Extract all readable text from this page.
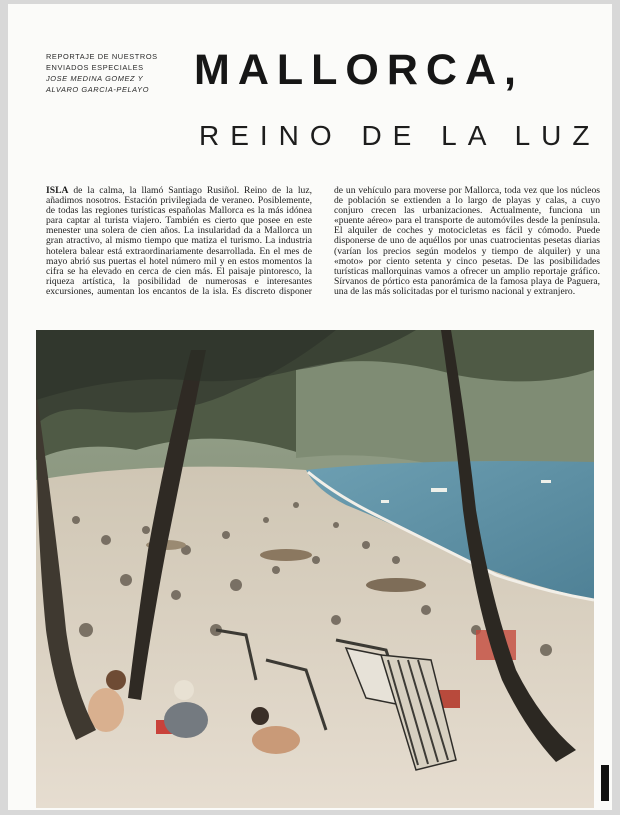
REPORTAJE DE NUESTROS
ENVIADOS ESPECIALES
JOSE MEDINA GOMEZ Y
ALVARO GARCIA-PELAYO MALLORCA,
REINO DE LA LUZ
ISLA de la calma, la llamó Santiago Rusiñol. Reino de la luz, añadimos nosotros. Estación privilegiada de veraneo. Posiblemente, de todas las regiones turísticas españolas Mallorca es la más idónea para captar al turista viajero. También es cierto que posee en este menester una solera de cien años. La insularidad da a Mallorca un gran atractivo, al mismo tiempo que matiza el turismo. La industria hotelera balear está extraordinariamente desarrollada. En el mes de mayo abrió sus puertas el hotel número mil y en estos momentos la cifra se ha elevado en cerca de cien más. El paisaje pintoresco, la riqueza artística, la posibilidad de numerosas e interesantes excursiones, aumentan los encantos de la isla. Es discreto disponer de un vehículo para moverse por Mallorca, toda vez que los núcleos de población se extienden a lo largo de playas y calas, a cuyo conjuro crecen las urbanizaciones. Actualmente, funciona un «puente aéreo» para el transporte de automóviles desde la península. El alquiler de coches y motocicletas es fácil y cómodo. Puede disponerse de uno de aquéllos por unas cuatrocientas pesetas diarias (varían los precios según modelos y tiempo de alquiler) y una «moto» por ciento setenta y cinco pesetas. De las posibilidades turísticas mallorquinas vamos a ofrecer un amplio reportaje gráfico. Sírvanos de pórtico esta panorámica de la famosa playa de Paguera, una de las más solicitadas por el turismo nacional y extranjero.
